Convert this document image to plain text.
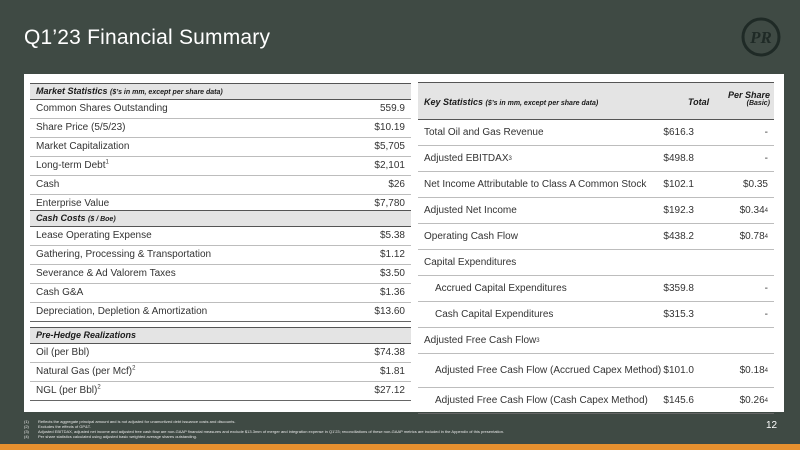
Q1’23 Financial Summary	PR
Market Statistics ($’s in mm, except per share data)
Common Shares Outstanding	559.9
Share Price (5/5/23)	$10.19
Market Capitalization	$5,705
Long-term Debt $^1$	$2,101
Cash	$26
Enterprise Value	$7,780
Cash Costs ($ / Boe)
Lease Operating Expense	$5.38
Gathering, Processing & Transportation	$1.12
Severance & Ad Valorem Taxes	$3.50
Cash G&A	$1.36
Depreciation, Depletion & Amortization	$13.60
Pre-Hedge Realizations
Oil (per Bbl)	$74.38
Natural Gas (per Mcf) $^2$	$1.81
NGL (per Bbl) $^2$	$27.12
Key Statistics ($’s in mm, except per share data)	Total
Per Share
(Basic)
Total Oil and Gas Revenue	$616.3	-
Adjusted EBITDAX 3	$498.8	-
Net Income Attributable to Class A Common Stock $102.1	$0.35
Adjusted Net Income	$192.3	$0.34 4
Operating Cash Flow	$438.2	$0.78 4
Capital Expenditures
Accrued Capital Expenditures	$359.8	-
Cash Capital Expenditures	$315.3	-
Adjusted Free Cash Flow 3
Adjusted Free Cash Flow (Accrued Capex Method) $101.0	$0.18 4
Adjusted Free Cash Flow (Cash Capex Method) $145.6	$0.26 4
(1) Reflects the aggregate principal amount and is not adjusted for unamortized debt issuance costs and discounts.
(2) Excludes the effects of GP&T.
(3) Adjusted EBITDAX, adjusted net income and adjusted free cash flow are non-GAAP financial measures and exclude $13.3mm of merger and integration expense in Q1’23; reconciliations of these non-GAAP metrics are included in the Appendix of this presentation.
(4) Per share statistics calculated using adjusted basic weighted average shares outstanding.
12
